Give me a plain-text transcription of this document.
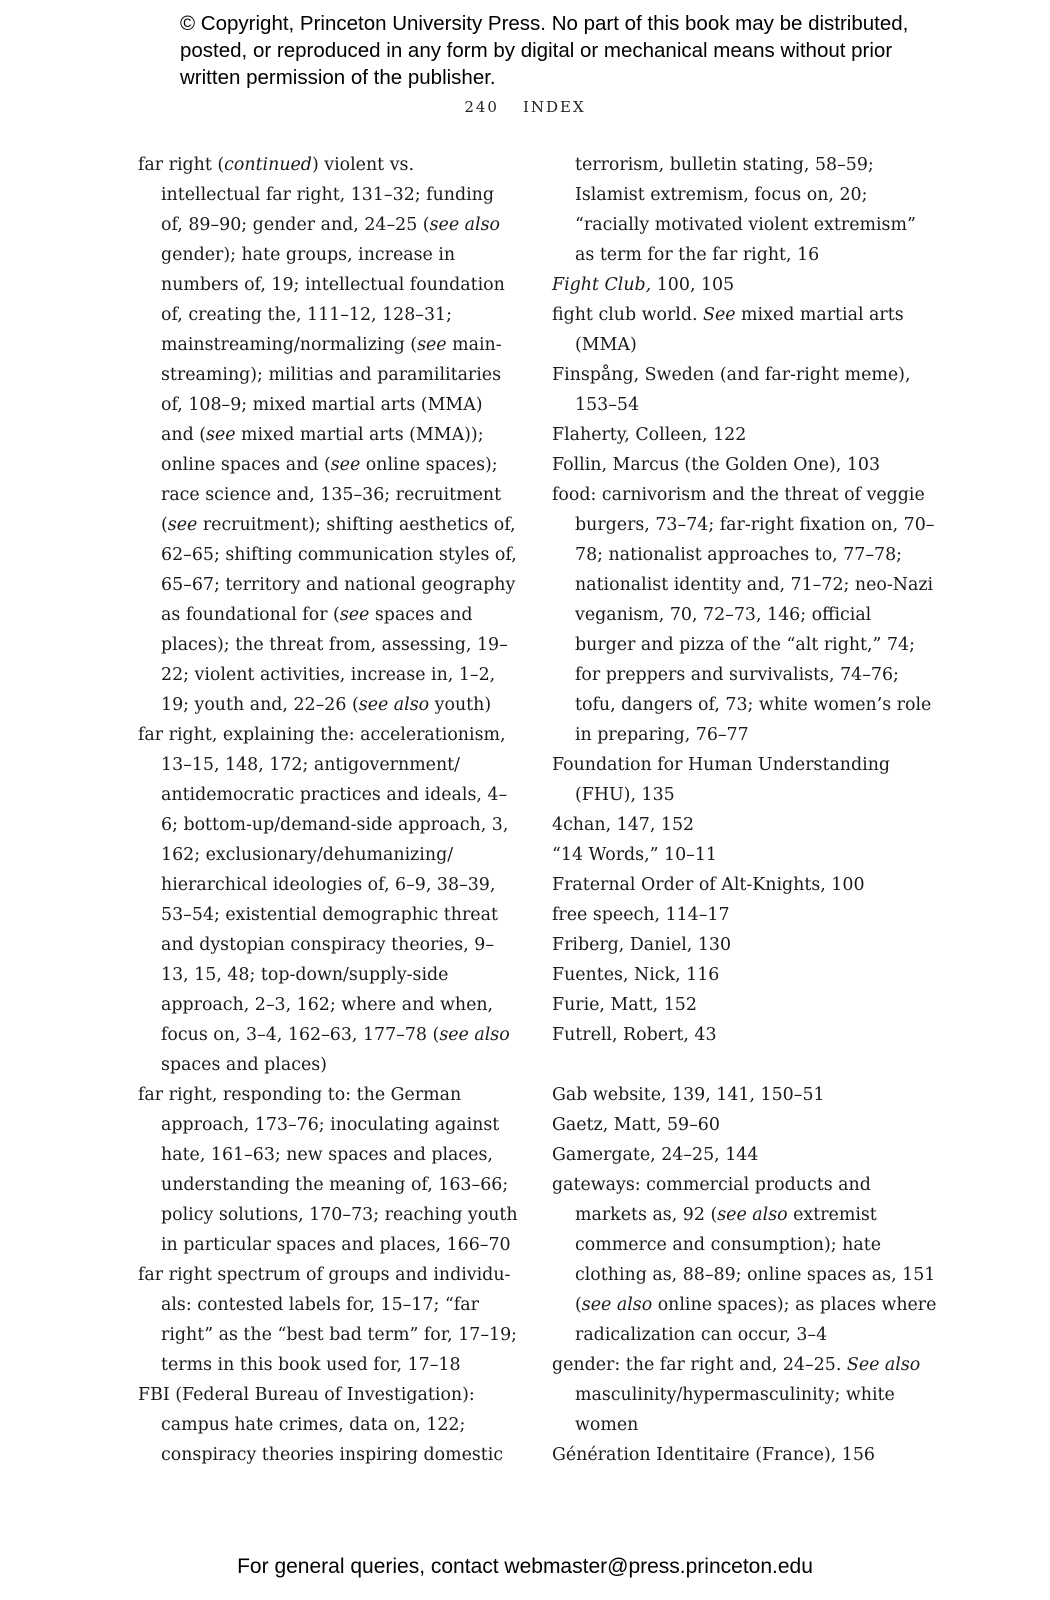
© Copyright, Princeton University Press. No part of this book may be distributed, posted, or reproduced in any form by digital or mechanical means without prior written permission of the publisher.
240 INDEX

far right (continued) violent vs. intellectual far right, 131–32; funding of, 89–90; gender and, 24–25 (see also gender); hate groups, increase in numbers of, 19; intellectual foundation of, creating the, 111–12, 128–31; mainstreaming/normalizing (see mainstreaming); militias and paramilitaries of, 108–9; mixed martial arts (MMA) and (see mixed martial arts (MMA)); online spaces and (see online spaces); race science and, 135–36; recruitment (see recruitment); shifting aesthetics of, 62–65; shifting communication styles of, 65–67; territory and national geography as foundational for (see spaces and places); the threat from, assessing, 19–22; violent activities, increase in, 1–2, 19; youth and, 22–26 (see also youth)

far right, explaining the: accelerationism, 13–15, 148, 172; antigovernment/ antidemocratic practices and ideals, 4–6; bottom-up/demand-side approach, 3, 162; exclusionary/dehumanizing/ hierarchical ideologies of, 6–9, 38–39, 53–54; existential demographic threat and dystopian conspiracy theories, 9–13, 15, 48; top-down/supply-side approach, 2–3, 162; where and when, focus on, 3–4, 162–63, 177–78 (see also spaces and places)

far right, responding to: the German approach, 173–76; inoculating against hate, 161–63; new spaces and places, understanding the meaning of, 163–66; policy solutions, 170–73; reaching youth in particular spaces and places, 166–70

far right spectrum of groups and individuals: contested labels for, 15–17; “far right” as the “best bad term” for, 17–19; terms in this book used for, 17–18

FBI (Federal Bureau of Investigation): campus hate crimes, data on, 122; conspiracy theories inspiring domestic

terrorism, bulletin stating, 58–59; Islamist extremism, focus on, 20; “racially motivated violent extremism” as term for the far right, 16

Fight Club, 100, 105

fight club world. See mixed martial arts (MMA)

Finspång, Sweden (and far-right meme), 153–54

Flaherty, Colleen, 122

Follin, Marcus (the Golden One), 103

food: carnivorism and the threat of veggie burgers, 73–74; far-right fixation on, 70–78; nationalist approaches to, 77–78; nationalist identity and, 71–72; neo-Nazi veganism, 70, 72–73, 146; official burger and pizza of the “alt right,” 74; for preppers and survivalists, 74–76; tofu, dangers of, 73; white women’s role in preparing, 76–77

Foundation for Human Understanding (FHU), 135

4chan, 147, 152

“14 Words,” 10–11

Fraternal Order of Alt-Knights, 100

free speech, 114–17

Friberg, Daniel, 130

Fuentes, Nick, 116

Furie, Matt, 152

Futrell, Robert, 43

Gab website, 139, 141, 150–51

Gaetz, Matt, 59–60

Gamergate, 24–25, 144

gateways: commercial products and markets as, 92 (see also extremist commerce and consumption); hate clothing as, 88–89; online spaces as, 151 (see also online spaces); as places where radicalization can occur, 3–4

gender: the far right and, 24–25. See also masculinity/hypermasculinity; white women

Génération Identitaire (France), 156

For general queries, contact webmaster@press.princeton.edu
